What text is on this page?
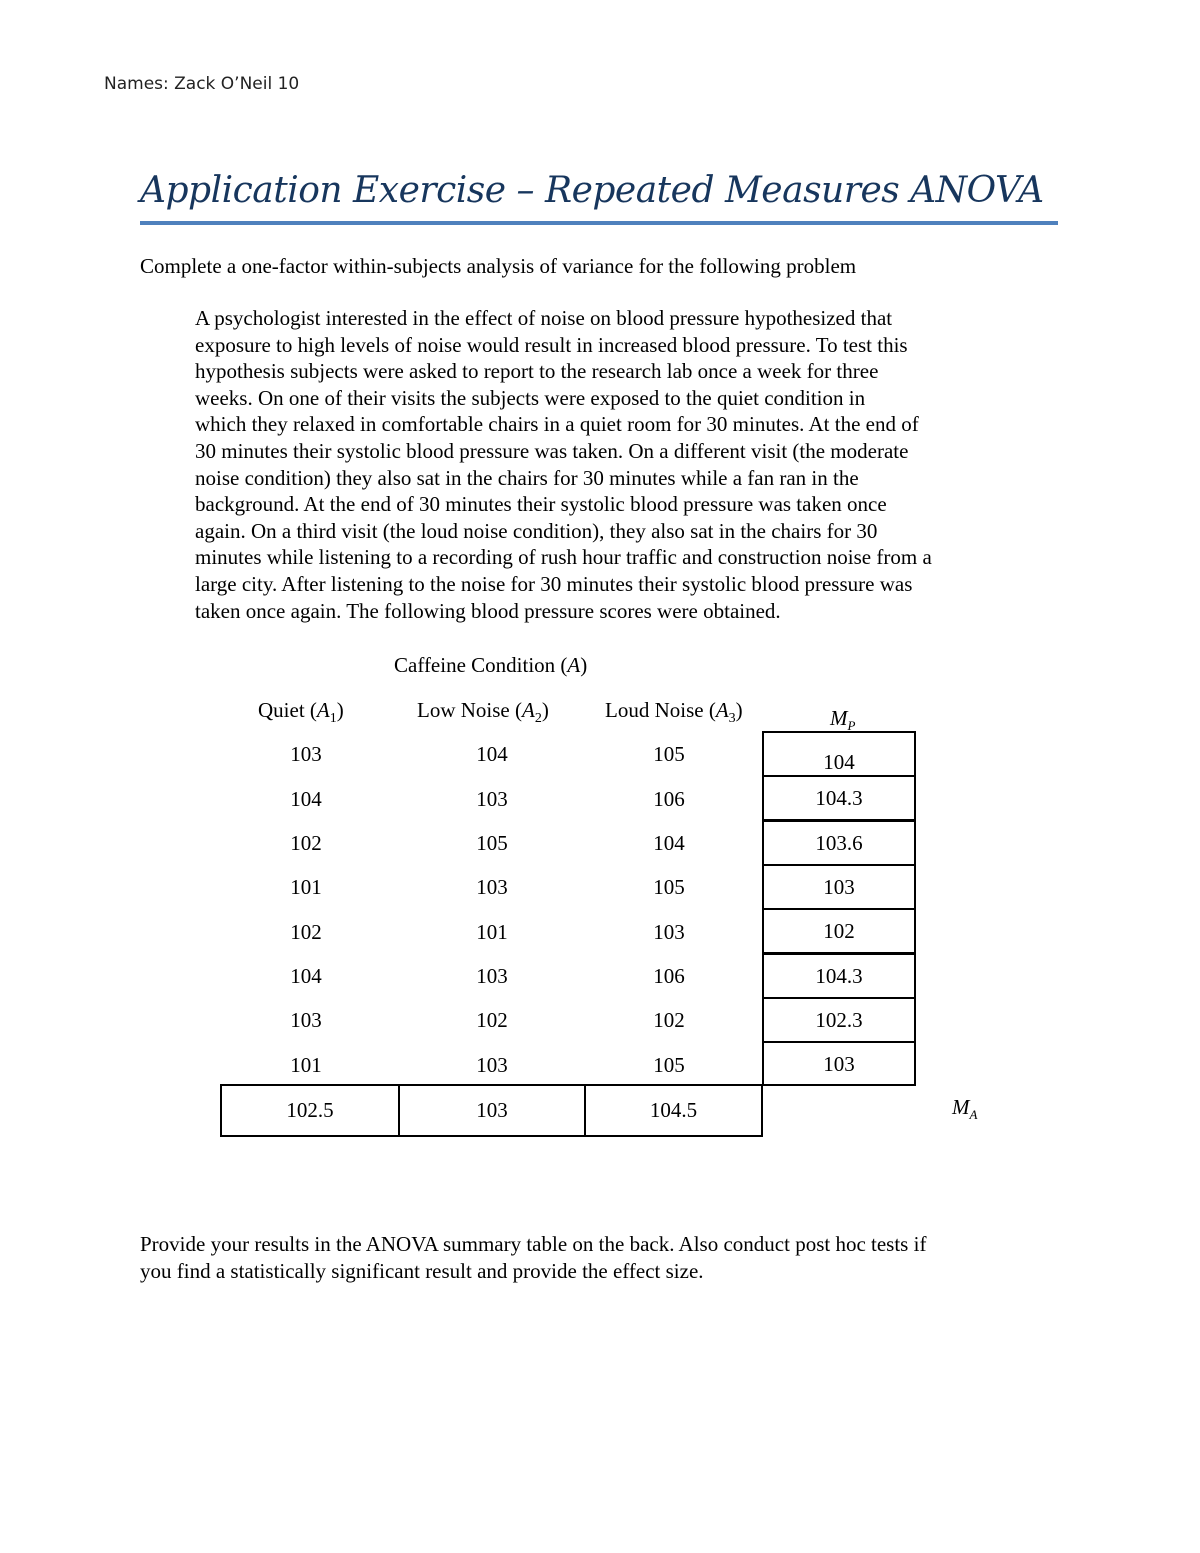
Names: Zack O’Neil 10
Application Exercise – Repeated Measures ANOVA
Complete a one-factor within-subjects analysis of variance for the following problem
A psychologist interested in the effect of noise on blood pressure hypothesized that
exposure to high levels of noise would result in increased blood pressure. To test this
hypothesis subjects were asked to report to the research lab once a week for three
weeks. On one of their visits the subjects were exposed to the quiet condition in
which they relaxed in comfortable chairs in a quiet room for 30 minutes. At the end of
30 minutes their systolic blood pressure was taken. On a different visit (the moderate
noise condition) they also sat in the chairs for 30 minutes while a fan ran in the
background. At the end of 30 minutes their systolic blood pressure was taken once
again. On a third visit (the loud noise condition), they also sat in the chairs for 30
minutes while listening to a recording of rush hour traffic and construction noise from a
large city. After listening to the noise for 30 minutes their systolic blood pressure was
taken once again. The following blood pressure scores were obtained.
Caffeine Condition (A)
Quiet $(A_1)$	Low Noise $(A_2)$	Loud Noise $(A_3)$	$M_P$
103	104	105	104
104	103	106	104.3
102	105	104	103.6
101	103	105	103
102	101	103	102
104	103	106	104.3
103	102	102	102.3
101	103	105	103
102.5	103	104.5	$M_A$
Provide your results in the ANOVA summary table on the back. Also conduct post hoc tests if
you find a statistically significant result and provide the effect size.
